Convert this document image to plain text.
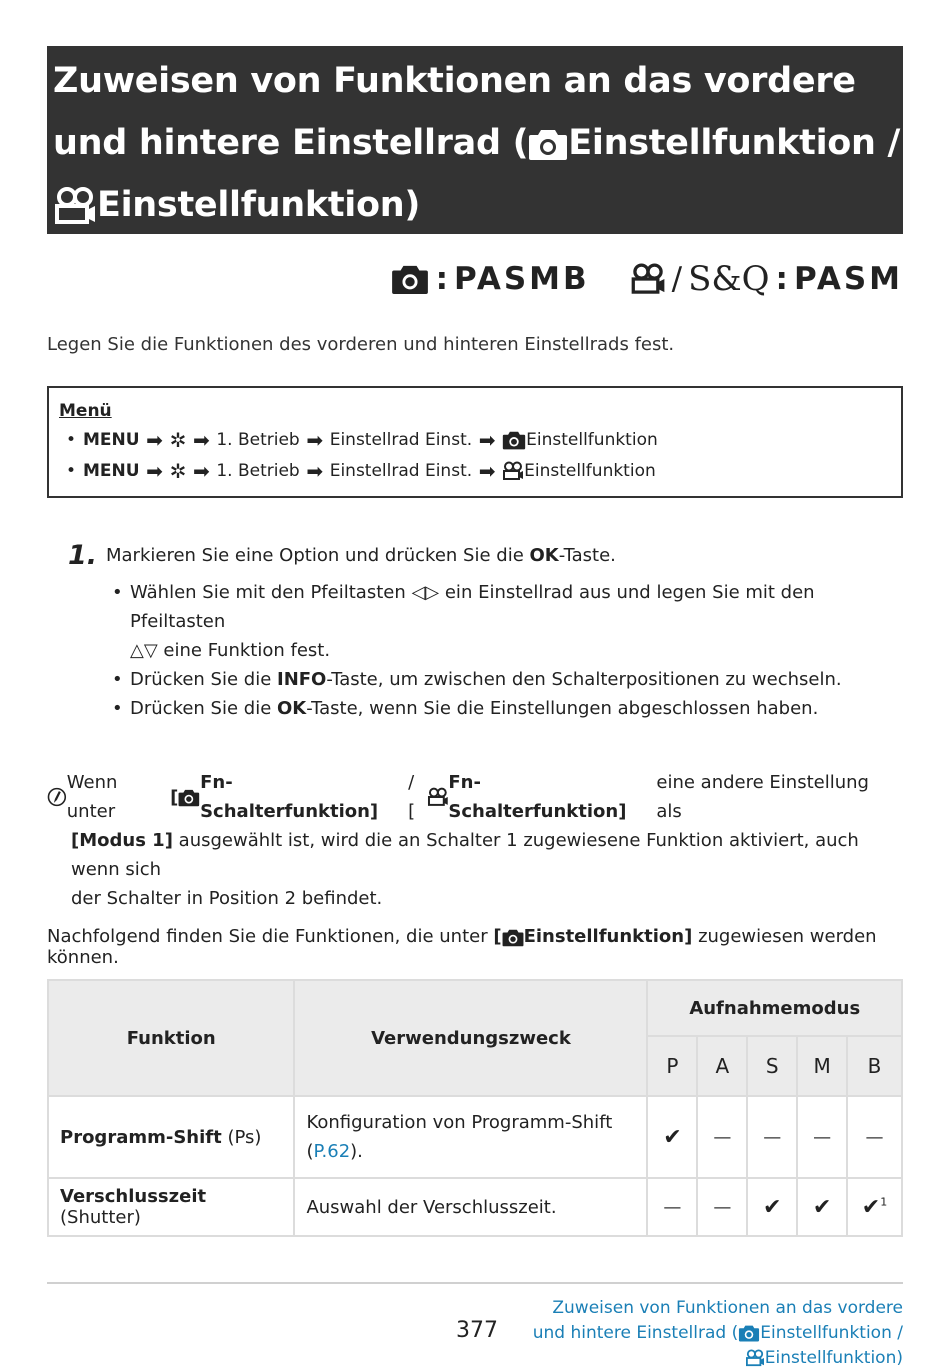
Zuweisen von Funktionen an das vordere
und hintere Einstellrad ( Einstellfunktion /
Einstellfunktion)
: PASMB	/ S&Q : PASM
Legen Sie die Funktionen des vorderen und hinteren Einstellrads fest.
Menü
• MENU ➡ ✲ ➡ 1. Betrieb ➡ Einstellrad Einst. ➡	Einstellfunktion
• MENU ➡ ✲ ➡ 1. Betrieb ➡ Einstellrad Einst. ➡	Einstellfunktion
1. Markieren Sie eine Option und drücken Sie die OK-Taste.
• Wählen Sie mit den Pfeiltasten ◁▷ ein Einstellrad aus und legen Sie mit den Pfeiltasten
△▽ eine Funktion fest.
• Drücken Sie die INFO-Taste, um zwischen den Schalterpositionen zu wechseln.
• Drücken Sie die OK-Taste, wenn Sie die Einstellungen abgeschlossen haben.
Wenn unter
[
Fn-Schalterfunktion]
/ [
Fn-Schalterfunktion]
eine andere Einstellung als
[Modus 1] ausgewählt ist, wird die an Schalter 1 zugewiesene Funktion aktiviert, auch wenn sich
der Schalter in Position 2 befindet.
Nachfolgend finden Sie die Funktionen, die unter [ Einstellfunktion] zugewiesen werden können.
Funktion	Verwendungszweck	Aufnahmemodus				
		P	A	S	M	B
Programm-Shift (Ps)	Konfiguration von Programm-Shift (P.62).	✔	—	—	—	—
Verschlusszeit (Shutter)	Auswahl der Verschlusszeit.	—	—	✔	✔	✔$^1$
377
Zuweisen von Funktionen an das vordere
und hintere Einstellrad ( Einstellfunktion /
Einstellfunktion)
